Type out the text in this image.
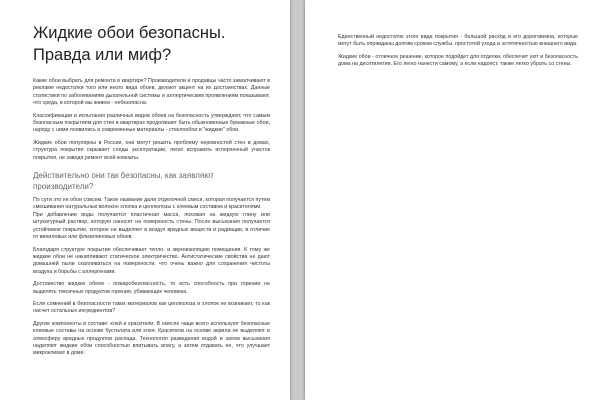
Жидкие обои безопасны. Правда или миф?

Какие обои выбрать для ремонта в квартире? Производители и продавцы часто замалчивают в рекламе недостатки того или иного вида обоев, делают акцент на их достоинствах. Данные статистики по заболеваниям дыхательной системы и аллергическим проявлениям показывают, что среда, в которой мы живем - небезопасна.

Классификации и испытания различных видов обоев на безопасность утверждают, что самым безопасным покрытием для стен в квартирах продолжают быть обыкновенные бумажные обои, наряду с ними появились и современные материалы - стеклообои и "жидкие" обои.

Жидкие обои популярны в России, они могут решить проблему неровностей стен в домах, структура покрытия скрывает следы эксплуатации, легко исправить испорченный участок покрытия, не заводя ремонт всей комнаты.

Действительно они так безопасны, как заявляют производители?

По сути это не обои совсем. Такое название дали отделочной смеси, которая получается путем смешивания натуральных волокон хлопка и целлюлозы с клеевым составом и красителями.

При добавлении воды получается пластичная масса, похожая на жидкую глину или штукатурный раствор, которую наносят на поверхность стены. После высыхания получается устойчивое покрытие, которое не выделяет в воздух вредных веществ и радиации, в отличие от виниловых или флизелиновых обоев.

Благодаря структуре покрытие обеспечивает тепло- и звукоизоляцию помещения. К тому же жидкие обои не накапливают статическое электричество. Антистатические свойства не дают домашней пыли скапливаться на поверхности, что очень важно для сохранения чистоты воздуха и борьбы с аллергенами.

Достоинство жидких обоев - пожаробезопасность, то есть способность при горении не выделять токсичных продуктов горения, убивающих человека.

Если сомнений в безопасности таких материалов как целлюлоза и хлопок не возникает, то как насчет остальных ингредиентов?

Другие компоненты в составе: клей и красители. В смесях чаще всего используют безопасные клеевые составы на основе бустилата или клея. Красители на основе акрила не выделяют в атмосферу вредных продуктов распада. Технология разведения водой и затем высыхания наделяют жидкие обои способностью впитывать влагу, а затем отдавать ее, что улучшает микроклимат в доме.

Единственный недостаток этого вида покрытия - большой расход и его дороговизна, которые могут быть оправданы долгим сроком службы, простотой ухода и эстетичностью внешнего вида.

Жидкие обои - отличное решение, которое подойдет для отделки, обеспечит уют и безопасность дома на десятилетия. Его легко нанести самому, а если надоест, также легко убрать со стены.
